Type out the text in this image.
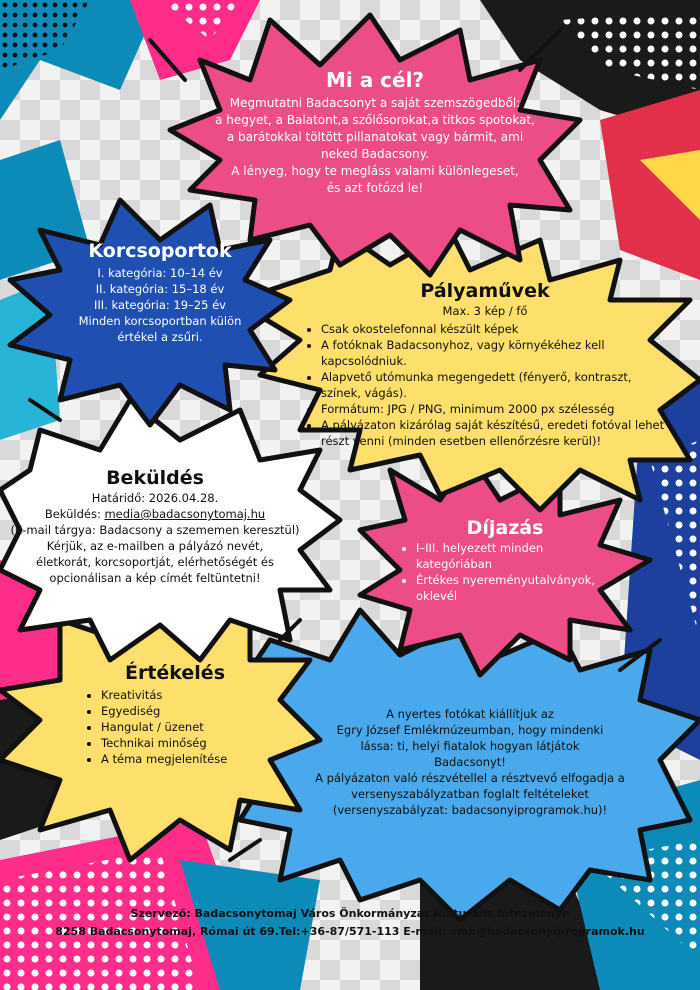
Mi a cél?

Megmutatni Badacsonyt a saját szemszögedből:

a hegyet, a Balatont,a szőlősorokat,a titkos spotokat,

a barátokkal töltött pillanatokat vagy bármit, ami

neked Badacsony.

A lényeg, hogy te megláss valami különlegeset,

és azt fotózd le!

Korcsoportok

I. kategória: 10–14 év

II. kategória: 15–18 év

III. kategória: 19–25 év

Minden korcsoportban külön

értékel a zsűri.

Pályaművek

Max. 3 kép / fő

• Csak okostelefonnal készült képek
• A fotóknak Badacsonyhoz, vagy környékéhez kell kapcsolódniuk.
• Alapvető utómunka megengedett (fényerő, kontraszt, színek, vágás).
• Formátum: JPG / PNG, minimum 2000 px szélesség
• A pályázaton kizárólag saját készítésű, eredeti fotóval lehet részt venni (minden esetben ellenőrzésre kerül)!
Beküldés

Határidő: 2026.04.28.

Beküldés: media@badacsonytomaj.hu

(E-mail tárgya: Badacsony a szememen keresztül)

Kérjük, az e-mailben a pályázó nevét,

életkorát, korcsoportját, elérhetőségét és

opcionálisan a kép címét feltüntetni!

Díjazás
• I–III. helyezett minden kategóriában
• Értékes nyereményutalványok, oklevél
Értékelés
• Kreativitás
• Egyediség
• Hangulat / üzenet
• Technikai minőség
• A téma megjelenítése

A nyertes fotókat kiállítjuk az

Egry József Emlékmúzeumban, hogy mindenki

lássa: ti, helyi fiatalok hogyan látjátok

Badacsonyt!

A pályázaton való részvétellel a résztvevő elfogadja a

versenyszabályzatban foglalt feltételeket

(versenyszabályzat: badacsonyiprogramok.hu)!

Szervező: Badacsonytomaj Város Önkormányzat Kulturális Intézménye
8258 Badacsonytomaj, Római út 69.Tel:+36-87/571-113 E-mail: vmk@badacsonyiprogramok.hu
